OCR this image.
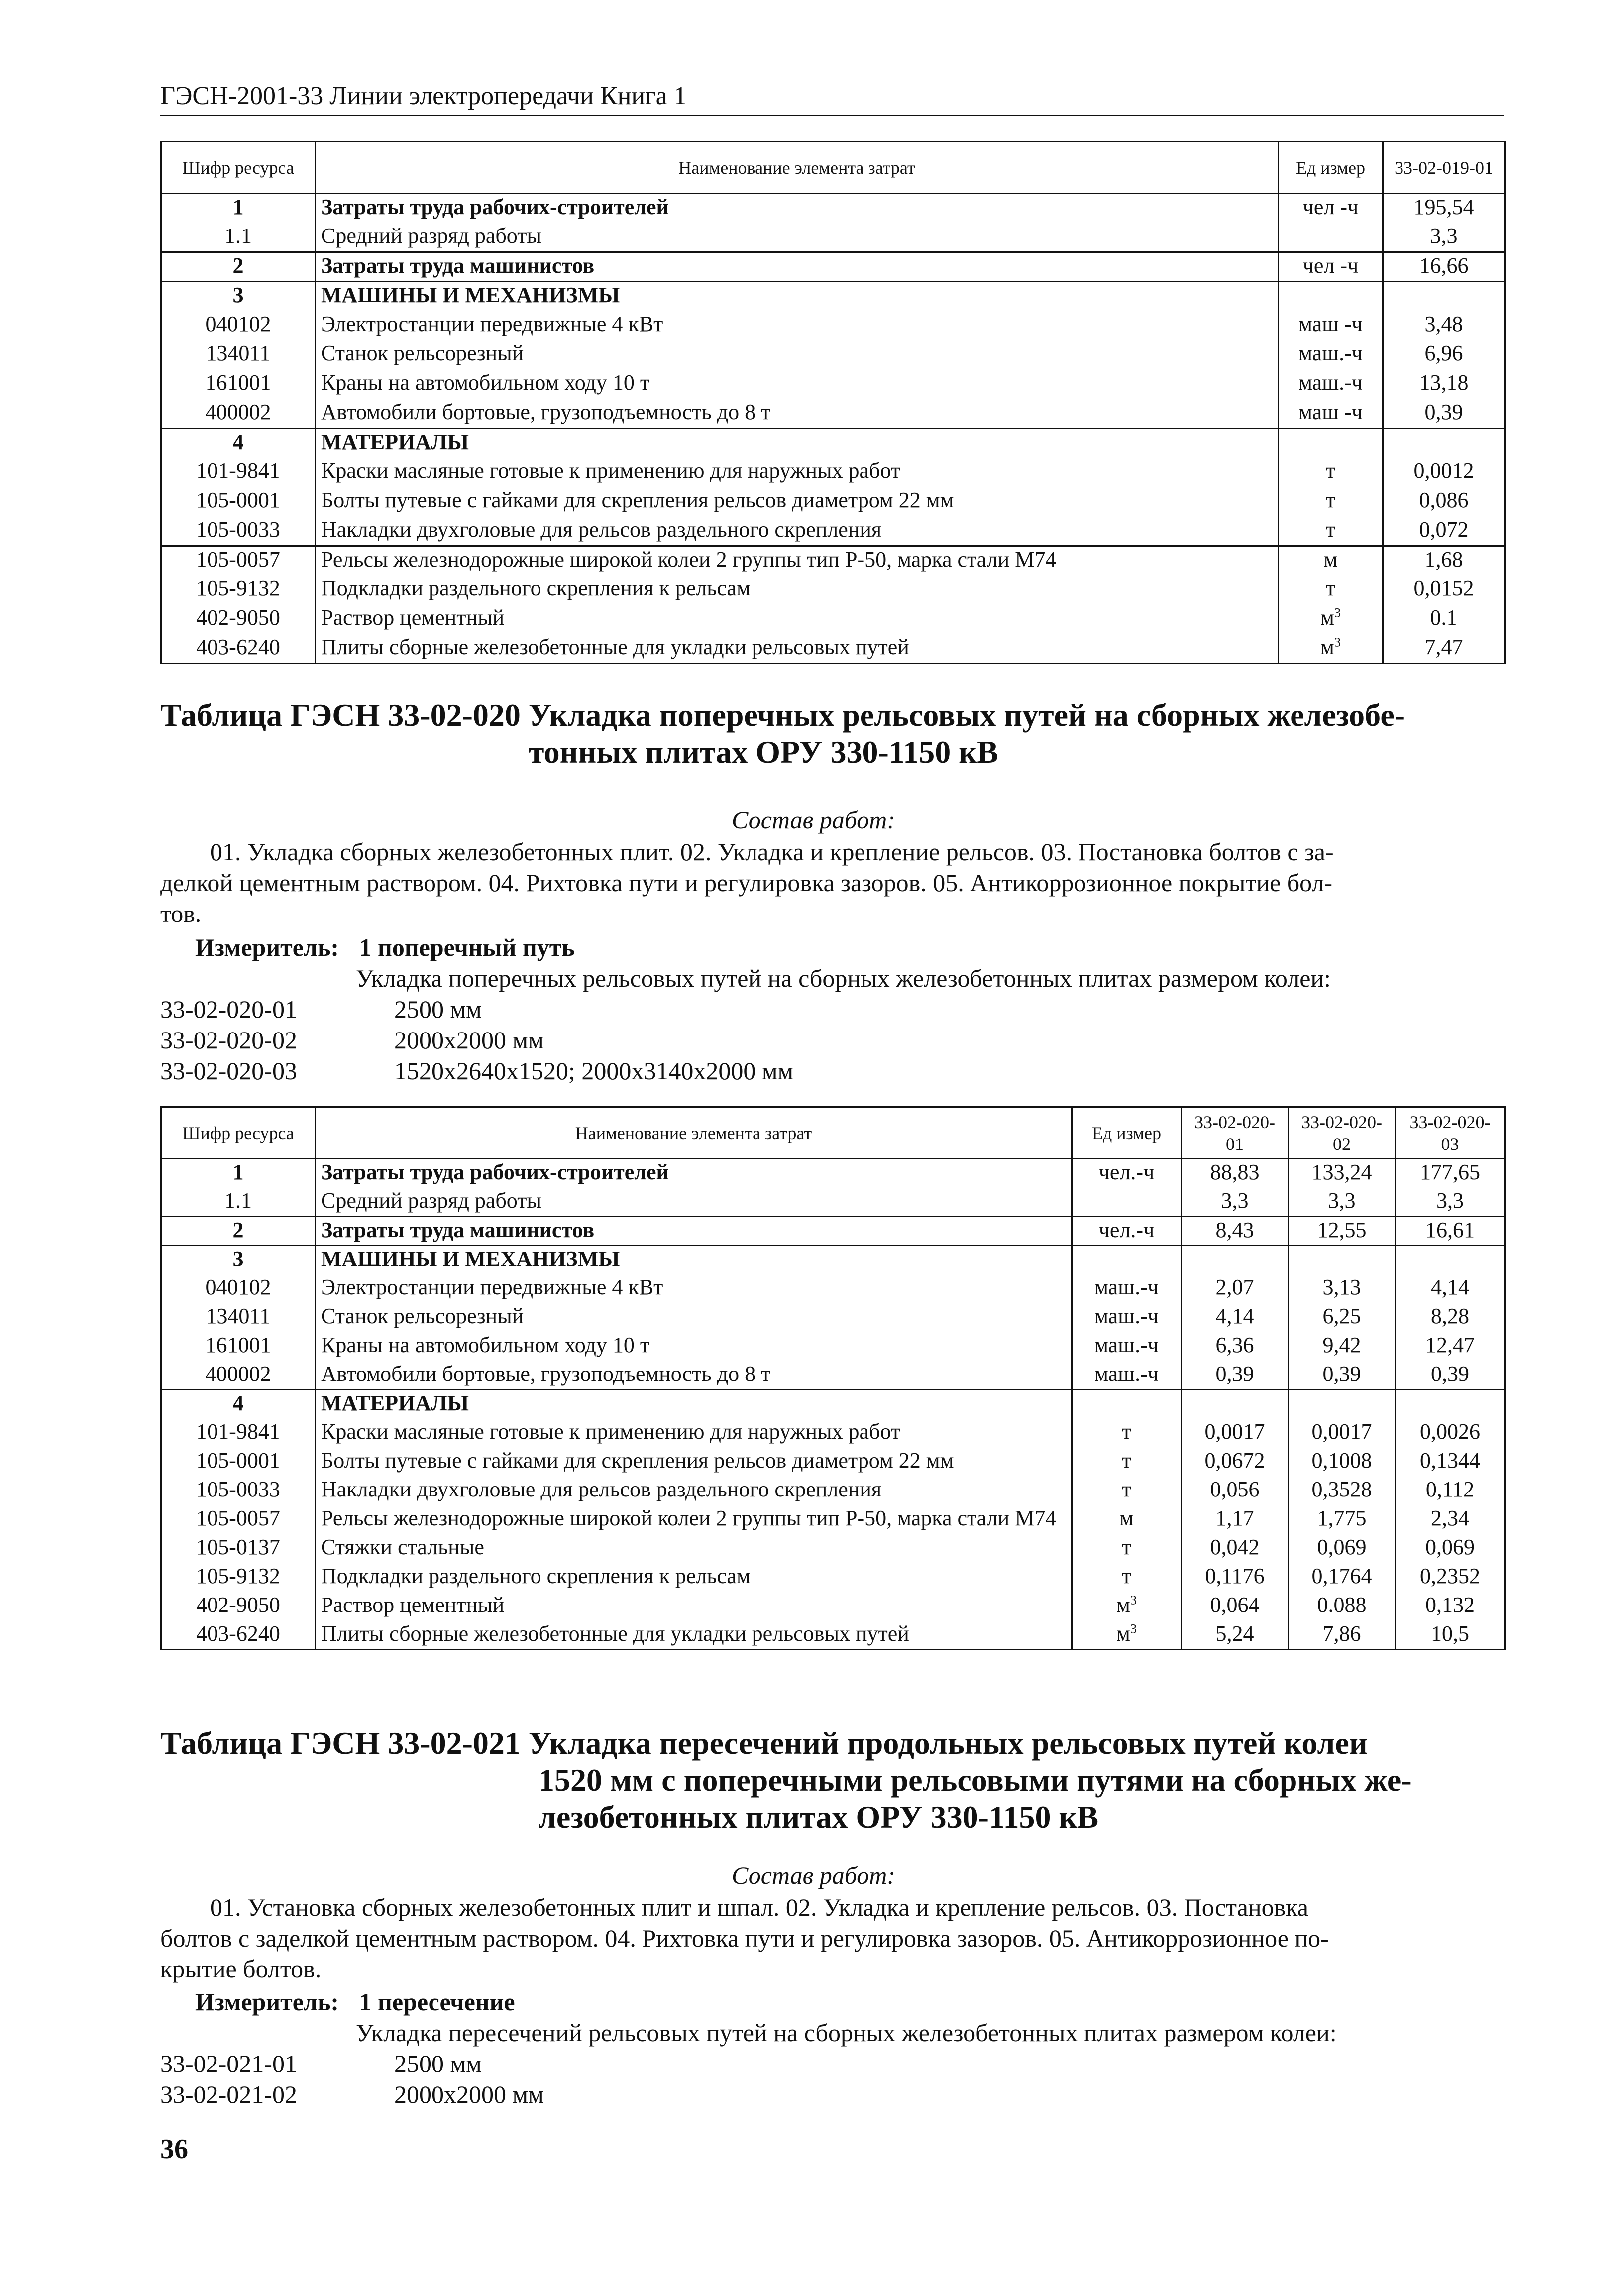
ГЭСН-2001-33 Линии электропередачи Книга 1
Шифр ресурса	Наименование элемента затрат	Ед измер	33-02-019-01
1	Затраты труда рабочих-строителей	чел -ч	195,54
1.1	Средний разряд работы		3,3
2	Затраты труда машинистов	чел -ч	16,66
3	МАШИНЫ И МЕХАНИЗМЫ		
040102	Электростанции передвижные 4 кВт	маш -ч	3,48
134011	Станок рельсорезный	маш.-ч	6,96
161001	Краны на автомобильном ходу 10 т	маш.-ч	13,18
400002	Автомобили бортовые, грузоподъемность до 8 т	маш -ч	0,39
4	МАТЕРИАЛЫ		
101-9841	Краски масляные готовые к применению для наружных работ	т	0,0012
105-0001	Болты путевые с гайками для скрепления рельсов диаметром 22 мм	т	0,086
105-0033	Накладки двухголовые для рельсов раздельного скрепления	т	0,072
105-0057	Рельсы железнодорожные широкой колеи 2 группы тип Р-50, марка стали М74	м	1,68
105-9132	Подкладки раздельного скрепления к рельсам	т	0,0152
402-9050	Раствор цементный	$м^3$	0.1
403-6240	Плиты сборные железобетонные для укладки рельсовых путей	$м^3$	7,47
Таблица ГЭСН 33-02-020 Укладка поперечных рельсовых путей на сборных железобе-
тонных плитах ОРУ 330-1150 кВ
Состав работ:
01. Укладка сборных железобетонных плит. 02. Укладка и крепление рельсов. 03. Постановка болтов с за-
делкой цементным раствором. 04. Рихтовка пути и регулировка зазоров. 05. Антикоррозионное покрытие бол-
тов.
Измеритель: 1 поперечный путь
Укладка поперечных рельсовых путей на сборных железобетонных плитах размером колеи:
33-02-020-01	2500 мм
33-02-020-02	2000x2000 мм
33-02-020-03	1520x2640x1520; 2000x3140x2000 мм
Шифр ресурса	Наименование элемента затрат	Ед измер	33-02-020-01	33-02-020-02	33-02-020-03
1	Затраты труда рабочих-строителей	чел.-ч	88,83	133,24	177,65
1.1	Средний разряд работы		3,3	3,3	3,3
2	Затраты труда машинистов	чел.-ч	8,43	12,55	16,61
3	МАШИНЫ И МЕХАНИЗМЫ				
040102	Электростанции передвижные 4 кВт	маш.-ч	2,07	3,13	4,14
134011	Станок рельсорезный	маш.-ч	4,14	6,25	8,28
161001	Краны на автомобильном ходу 10 т	маш.-ч	6,36	9,42	12,47
400002	Автомобили бортовые, грузоподъемность до 8 т	маш.-ч	0,39	0,39	0,39
4	МАТЕРИАЛЫ				
101-9841	Краски масляные готовые к применению для наружных работ	т	0,0017	0,0017	0,0026
105-0001	Болты путевые с гайками для скрепления рельсов диаметром 22 мм	т	0,0672	0,1008	0,1344
105-0033	Накладки двухголовые для рельсов раздельного скрепления	т	0,056	0,3528	0,112
105-0057	Рельсы железнодорожные широкой колеи 2 группы тип Р-50, марка стали М74	м	1,17	1,775	2,34
105-0137	Стяжки стальные	т	0,042	0,069	0,069
105-9132	Подкладки раздельного скрепления к рельсам	т	0,1176	0,1764	0,2352
402-9050	Раствор цементный	$м^3$	0,064	0.088	0,132
403-6240	Плиты сборные железобетонные для укладки рельсовых путей	$м^3$	5,24	7,86	10,5
Таблица ГЭСН 33-02-021 Укладка пересечений продольных рельсовых путей колеи
1520 мм с поперечными рельсовыми путями на сборных же-
лезобетонных плитах ОРУ 330-1150 кВ
Состав работ:
01. Установка сборных железобетонных плит и шпал. 02. Укладка и крепление рельсов. 03. Постановка
болтов с заделкой цементным раствором. 04. Рихтовка пути и регулировка зазоров. 05. Антикоррозионное по-
крытие болтов.
Измеритель: 1 пересечение
Укладка пересечений рельсовых путей на сборных железобетонных плитах размером колеи:
33-02-021-01	2500 мм
33-02-021-02	2000x2000 мм
36
